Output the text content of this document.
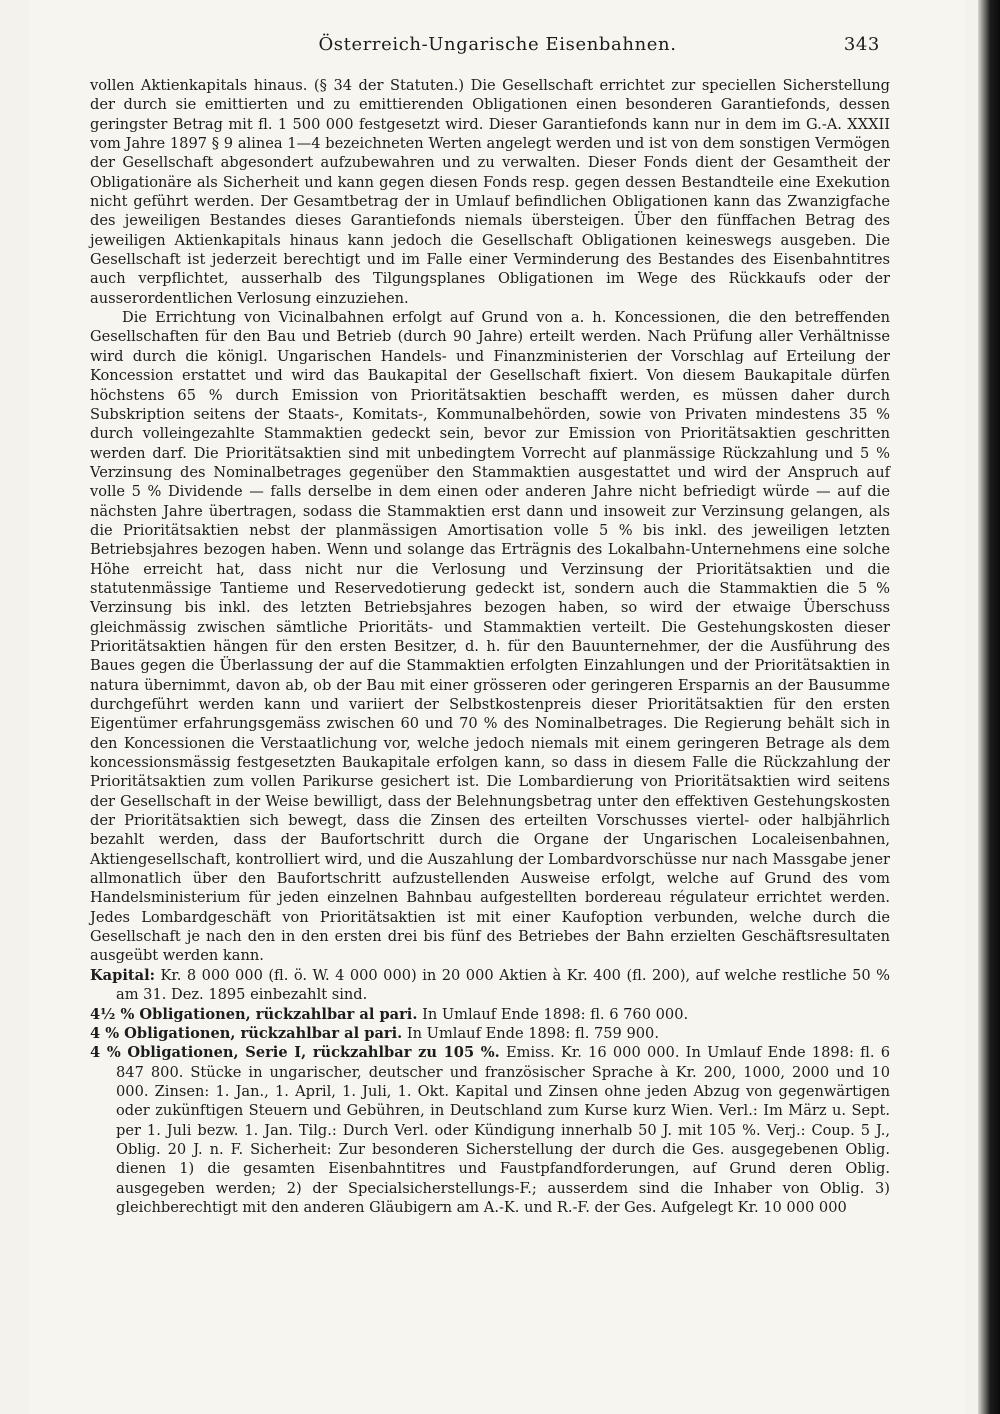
Österreich-Ungarische Eisenbahnen.	343

vollen Aktienkapitals hinaus. (§ 34 der Statuten.) Die Gesellschaft errichtet zur speciellen Sicherstellung der durch sie emittierten und zu emittierenden Obligationen einen besonderen Garantiefonds, dessen geringster Betrag mit fl. 1 500 000 festgesetzt wird. Dieser Garantiefonds kann nur in dem im G.-A. XXXII vom Jahre 1897 § 9 alinea 1—4 bezeichneten Werten angelegt werden und ist von dem sonstigen Vermögen der Gesellschaft abgesondert aufzubewahren und zu verwalten. Dieser Fonds dient der Gesamtheit der Obligationäre als Sicherheit und kann gegen diesen Fonds resp. gegen dessen Bestandteile eine Exekution nicht geführt werden. Der Gesamtbetrag der in Umlauf befindlichen Obligationen kann das Zwanzigfache des jeweiligen Bestandes dieses Garantiefonds niemals übersteigen. Über den fünffachen Betrag des jeweiligen Aktienkapitals hinaus kann jedoch die Gesellschaft Obligationen keineswegs ausgeben. Die Gesellschaft ist jederzeit berechtigt und im Falle einer Verminderung des Bestandes des Eisenbahntitres auch verpflichtet, ausserhalb des Tilgungsplanes Obligationen im Wege des Rückkaufs oder der ausserordentlichen Verlosung einzuziehen.

Die Errichtung von Vicinalbahnen erfolgt auf Grund von a. h. Koncessionen, die den betreffenden Gesellschaften für den Bau und Betrieb (durch 90 Jahre) erteilt werden. Nach Prüfung aller Verhältnisse wird durch die königl. Ungarischen Handels- und Finanzministerien der Vorschlag auf Erteilung der Koncession erstattet und wird das Baukapital der Gesellschaft fixiert. Von diesem Baukapitale dürfen höchstens 65 % durch Emission von Prioritätsaktien beschafft werden, es müssen daher durch Subskription seitens der Staats-, Komitats-, Kommunalbehörden, sowie von Privaten mindestens 35 % durch volleingezahlte Stammaktien gedeckt sein, bevor zur Emission von Prioritätsaktien geschritten werden darf. Die Prioritätsaktien sind mit unbedingtem Vorrecht auf planmässige Rückzahlung und 5 % Verzinsung des Nominalbetrages gegenüber den Stammaktien ausgestattet und wird der Anspruch auf volle 5 % Dividende — falls derselbe in dem einen oder anderen Jahre nicht befriedigt würde — auf die nächsten Jahre übertragen, sodass die Stammaktien erst dann und insoweit zur Verzinsung gelangen, als die Prioritätsaktien nebst der planmässigen Amortisation volle 5 % bis inkl. des jeweiligen letzten Betriebsjahres bezogen haben. Wenn und solange das Erträgnis des Lokalbahn-Unternehmens eine solche Höhe erreicht hat, dass nicht nur die Verlosung und Verzinsung der Prioritätsaktien und die statutenmässige Tantieme und Reservedotierung gedeckt ist, sondern auch die Stammaktien die 5 % Verzinsung bis inkl. des letzten Betriebsjahres bezogen haben, so wird der etwaige Überschuss gleichmässig zwischen sämtliche Prioritäts- und Stammaktien verteilt. Die Gestehungskosten dieser Prioritätsaktien hängen für den ersten Besitzer, d. h. für den Bauunternehmer, der die Ausführung des Baues gegen die Überlassung der auf die Stammaktien erfolgten Einzahlungen und der Prioritätsaktien in natura übernimmt, davon ab, ob der Bau mit einer grösseren oder geringeren Ersparnis an der Bausumme durchgeführt werden kann und variiert der Selbstkostenpreis dieser Prioritätsaktien für den ersten Eigentümer erfahrungsgemäss zwischen 60 und 70 % des Nominalbetrages. Die Regierung behält sich in den Koncessionen die Verstaatlichung vor, welche jedoch niemals mit einem geringeren Betrage als dem koncessionsmässig festgesetzten Baukapitale erfolgen kann, so dass in diesem Falle die Rückzahlung der Prioritätsaktien zum vollen Parikurse gesichert ist. Die Lombardierung von Prioritätsaktien wird seitens der Gesellschaft in der Weise bewilligt, dass der Belehnungsbetrag unter den effektiven Gestehungskosten der Prioritätsaktien sich bewegt, dass die Zinsen des erteilten Vorschusses viertel- oder halbjährlich bezahlt werden, dass der Baufortschritt durch die Organe der Ungarischen Localeisenbahnen, Aktiengesellschaft, kontrolliert wird, und die Auszahlung der Lombardvorschüsse nur nach Massgabe jener allmonatlich über den Baufortschritt aufzustellenden Ausweise erfolgt, welche auf Grund des vom Handelsministerium für jeden einzelnen Bahnbau aufgestellten bordereau régulateur errichtet werden. Jedes Lombardgeschäft von Prioritätsaktien ist mit einer Kaufoption verbunden, welche durch die Gesellschaft je nach den in den ersten drei bis fünf des Betriebes der Bahn erzielten Geschäftsresultaten ausgeübt werden kann.

Kapital: Kr. 8 000 000 (fl. ö. W. 4 000 000) in 20 000 Aktien à Kr. 400 (fl. 200), auf welche restliche 50 % am 31. Dez. 1895 einbezahlt sind.

4½ % Obligationen, rückzahlbar al pari. In Umlauf Ende 1898: fl. 6 760 000.

4 % Obligationen, rückzahlbar al pari. In Umlauf Ende 1898: fl. 759 900.

4 % Obligationen, Serie I, rückzahlbar zu 105 %. Emiss. Kr. 16 000 000. In Umlauf Ende 1898: fl. 6 847 800. Stücke in ungarischer, deutscher und französischer Sprache à Kr. 200, 1000, 2000 und 10 000. Zinsen: 1. Jan., 1. April, 1. Juli, 1. Okt. Kapital und Zinsen ohne jeden Abzug von gegenwärtigen oder zukünftigen Steuern und Gebühren, in Deutschland zum Kurse kurz Wien. Verl.: Im März u. Sept. per 1. Juli bezw. 1. Jan. Tilg.: Durch Verl. oder Kündigung innerhalb 50 J. mit 105 %. Verj.: Coup. 5 J., Oblig. 20 J. n. F. Sicherheit: Zur besonderen Sicherstellung der durch die Ges. ausgegebenen Oblig. dienen 1) die gesamten Eisenbahntitres und Faustpfandforderungen, auf Grund deren Oblig. ausgegeben werden; 2) der Specialsicherstellungs-F.; ausserdem sind die Inhaber von Oblig. 3) gleichberechtigt mit den anderen Gläubigern am A.-K. und R.-F. der Ges. Aufgelegt Kr. 10 000 000
